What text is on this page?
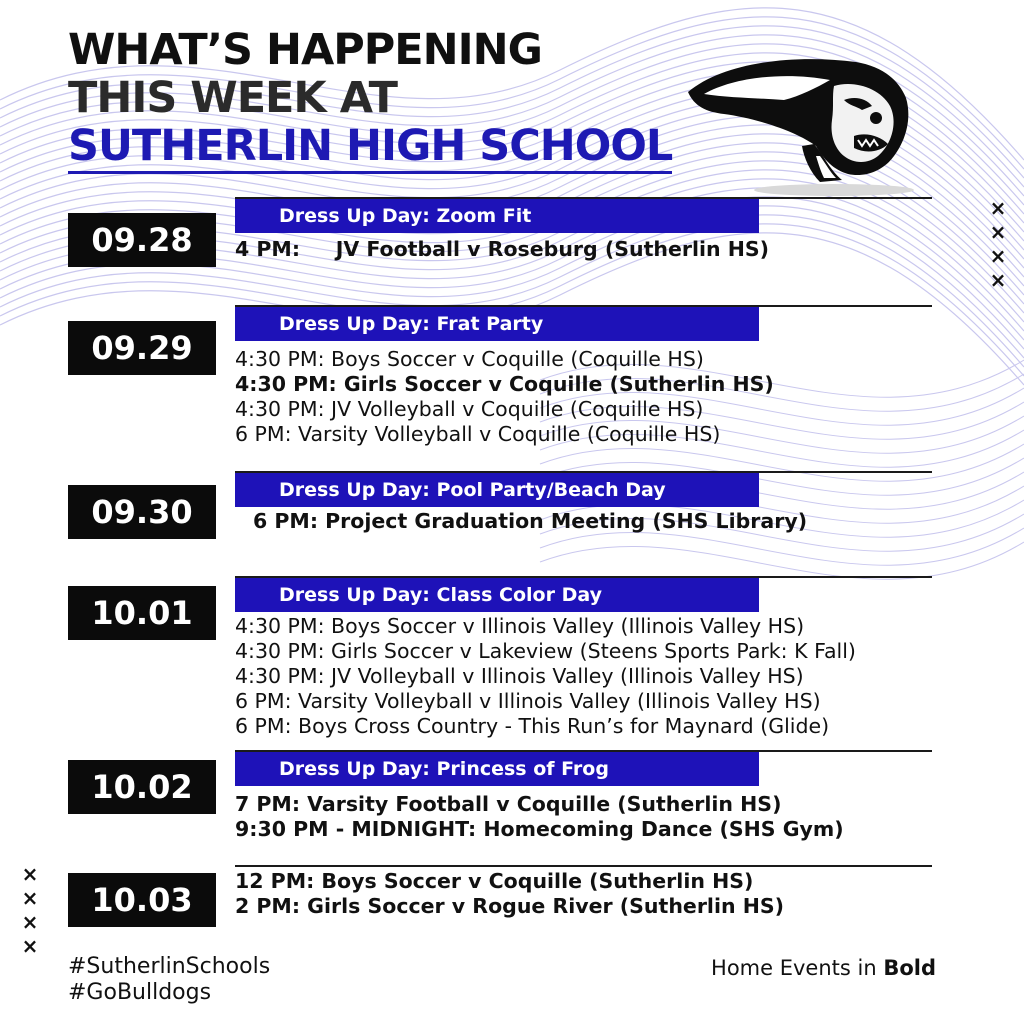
WHAT’S HAPPENING
THIS WEEK AT
SUTHERLIN HIGH SCHOOL
09.28
Dress Up Day: Zoom Fit
4 PM:     JV Football v Roseburg (Sutherlin HS)
09.29
Dress Up Day: Frat Party
4:30 PM: Boys Soccer v Coquille (Coquille HS)
4:30 PM: Girls Soccer v Coquille (Sutherlin HS)
4:30 PM: JV Volleyball v Coquille (Coquille HS)
6 PM: Varsity Volleyball v Coquille (Coquille HS)
09.30
Dress Up Day: Pool Party/Beach Day
6 PM: Project Graduation Meeting (SHS Library)
10.01	Dress Up Day: Class Color Day
4:30 PM: Boys Soccer v Illinois Valley (Illinois Valley HS)
4:30 PM: Girls Soccer v Lakeview (Steens Sports Park: K Fall)
4:30 PM: JV Volleyball v Illinois Valley (Illinois Valley HS)
6 PM: Varsity Volleyball v Illinois Valley (Illinois Valley HS)
6 PM: Boys Cross Country - This Run’s for Maynard (Glide)
10.02	Dress Up Day: Princess of Frog
7 PM: Varsity Football v Coquille (Sutherlin HS)
9:30 PM - MIDNIGHT: Homecoming Dance (SHS Gym)
10.03	12 PM: Boys Soccer v Coquille (Sutherlin HS)
2 PM: Girls Soccer v Rogue River (Sutherlin HS)
×
×
×
×
×
×
×
×
#SutherlinSchools
#GoBulldogs
Home Events in Bold
